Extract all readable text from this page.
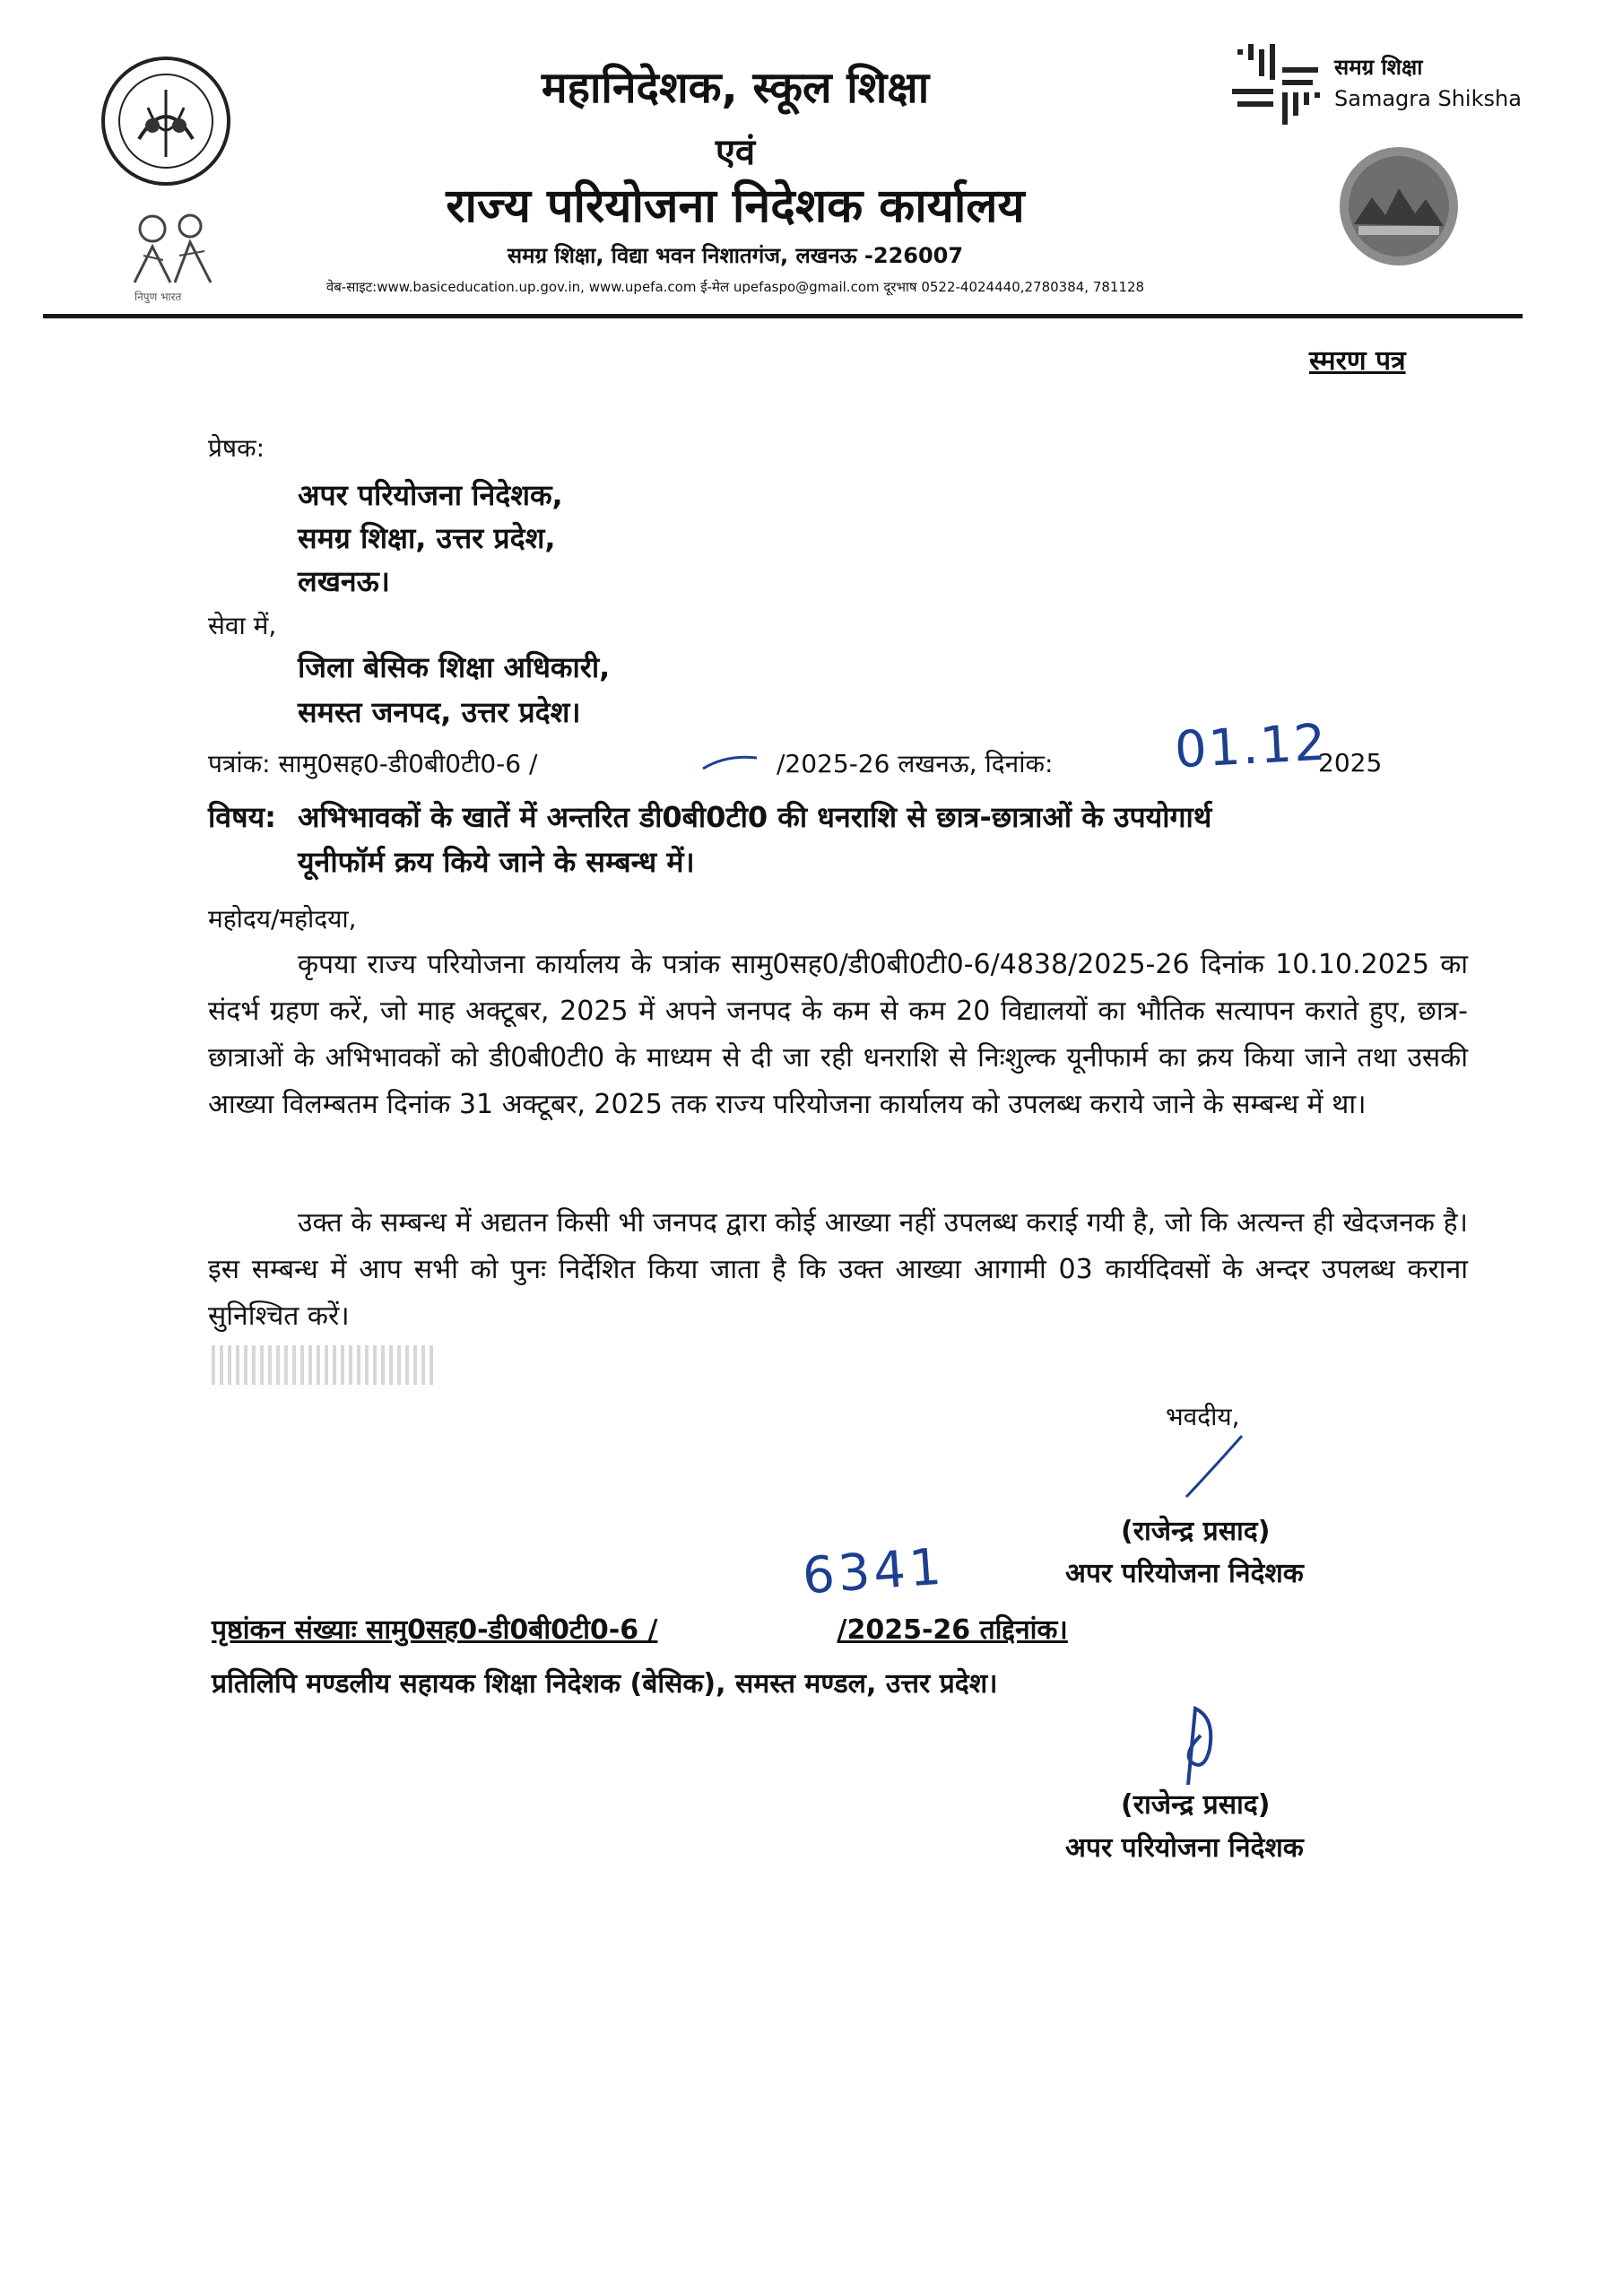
निपुण भारत
महानिदेशक, स्कूल शिक्षा
एवं
राज्य परियोजना निदेशक कार्यालय
समग्र शिक्षा, विद्या भवन निशातगंज, लखनऊ -226007
वेब-साइट:www.basiceducation.up.gov.in, www.upefa.com ई-मेल upefaspo@gmail.com दूरभाष 0522-4024440,2780384, 781128
समग्र शिक्षा
Samagra Shiksha
स्मरण पत्र
प्रेषक:
अपर परियोजना निदेशक,
समग्र शिक्षा, उत्तर प्रदेश,
लखनऊ।
सेवा में,
जिला बेसिक शिक्षा अधिकारी,
समस्त जनपद, उत्तर प्रदेश।
पत्रांक: सामु0सह0-डी0बी0टी0-6 /	/2025-26 लखनऊ, दिनांक: 01.12
2025
विषय: अभिभावकों के खातें में अन्तरित डी0बी0टी0 की धनराशि से छात्र-छात्राओं के उपयोगार्थ
यूनीफॉर्म क्रय किये जाने के सम्बन्ध में।
महोदय/महोदया,
कृपया राज्य परियोजना कार्यालय के पत्रांक सामु0सह0/डी0बी0टी0-6/4838/2025-26 दिनांक 10.10.2025 का संदर्भ ग्रहण करें, जो माह अक्टूबर, 2025 में अपने जनपद के कम से कम 20 विद्यालयों का भौतिक सत्यापन कराते हुए, छात्र-छात्राओं के अभिभावकों को डी0बी0टी0 के माध्यम से दी जा रही धनराशि से निःशुल्क यूनीफार्म का क्रय किया जाने तथा उसकी आख्या विलम्बतम दिनांक 31 अक्टूबर, 2025 तक राज्य परियोजना कार्यालय को उपलब्ध कराये जाने के सम्बन्ध में था।
उक्त के सम्बन्ध में अद्यतन किसी भी जनपद द्वारा कोई आख्या नहीं उपलब्ध कराई गयी है, जो कि अत्यन्त ही खेदजनक है। इस सम्बन्ध में आप सभी को पुनः निर्देशित किया जाता है कि उक्त आख्या आगामी 03 कार्यदिवसों के अन्दर उपलब्ध कराना सुनिश्चित करें।
भवदीय,
(राजेन्द्र प्रसाद)
अपर परियोजना निदेशक
6341
पृष्ठांकन संख्याः सामु0सह0-डी0बी0टी0-6 /	/2025-26 तद्दिनांक।
प्रतिलिपि मण्डलीय सहायक शिक्षा निदेशक (बेसिक), समस्त मण्डल, उत्तर प्रदेश।
(राजेन्द्र प्रसाद)
अपर परियोजना निदेशक
